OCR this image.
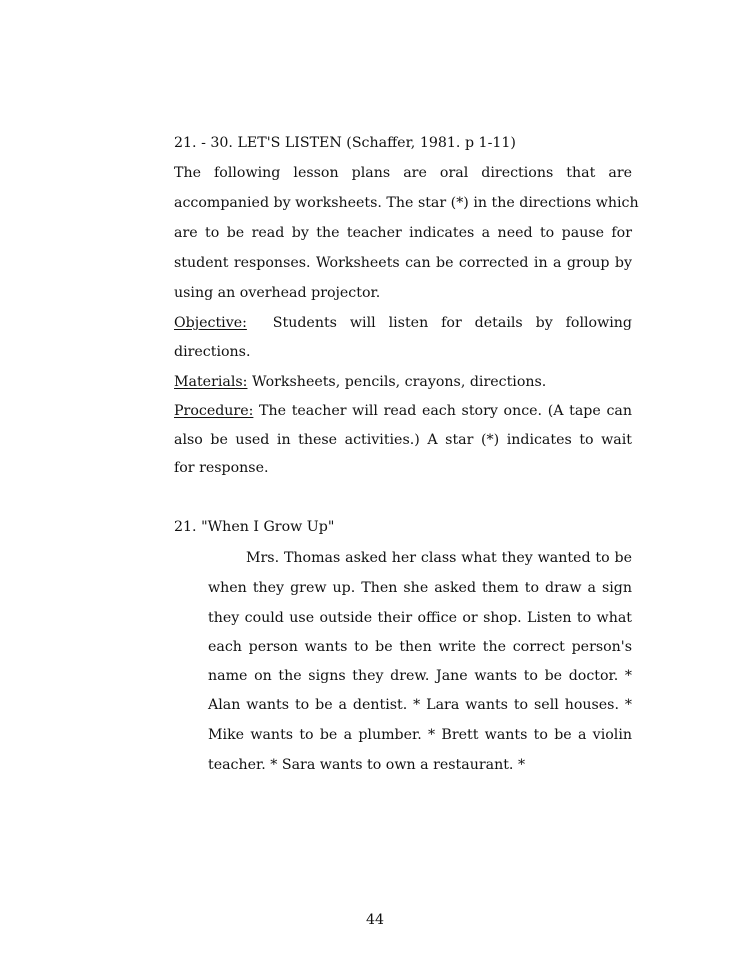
21. - 30. LET'S LISTEN (Schaffer, 1981. p 1-11)
The following lesson plans are oral directions that are
accompanied by worksheets. The star (*) in the directions which
are to be read by the teacher indicates a need to pause for
student responses. Worksheets can be corrected in a group by
using an overhead projector.
Objective: Students will listen for details by following
directions.
Materials: Worksheets, pencils, crayons, directions.
Procedure: The teacher will read each story once. (A tape can
also be used in these activities.) A star (*) indicates to wait
for response.
21. "When I Grow Up"
Mrs. Thomas asked her class what they wanted to be
when they grew up. Then she asked them to draw a sign
they could use outside their office or shop. Listen to what
each person wants to be then write the correct person's
name on the signs they drew. Jane wants to be doctor. *
Alan wants to be a dentist. * Lara wants to sell houses. *
Mike wants to be a plumber. * Brett wants to be a violin
teacher. * Sara wants to own a restaurant. *
44
